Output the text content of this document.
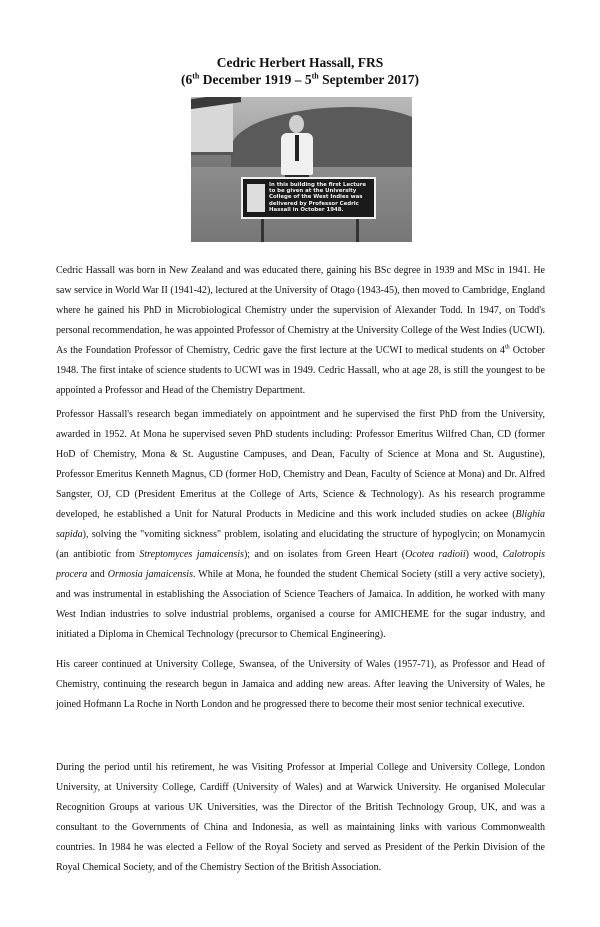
Cedric Herbert Hassall, FRS
(6th December 1919 – 5th September 2017)
In this building the first Lecture to be given at the University College of the West Indies was delivered by Professor Cedric Hassall in October 1948.

Cedric Hassall was born in New Zealand and was educated there, gaining his BSc degree in 1939 and MSc in 1941. He saw service in World War II (1941-42), lectured at the University of Otago (1943-45), then moved to Cambridge, England where he gained his PhD in Microbiological Chemistry under the supervision of Alexander Todd. In 1947, on Todd's personal recommendation, he was appointed Professor of Chemistry at the University College of the West Indies (UCWI). As the Foundation Professor of Chemistry, Cedric gave the first lecture at the UCWI to medical students on 4th October 1948. The first intake of science students to UCWI was in 1949. Cedric Hassall, who at age 28, is still the youngest to be appointed a Professor and Head of the Chemistry Department.

Professor Hassall's research began immediately on appointment and he supervised the first PhD from the University, awarded in 1952. At Mona he supervised seven PhD students including: Professor Emeritus Wilfred Chan, CD (former HoD of Chemistry, Mona & St. Augustine Campuses, and Dean, Faculty of Science at Mona and St. Augustine), Professor Emeritus Kenneth Magnus, CD (former HoD, Chemistry and Dean, Faculty of Science at Mona) and Dr. Alfred Sangster, OJ, CD (President Emeritus at the College of Arts, Science & Technology). As his research programme developed, he established a Unit for Natural Products in Medicine and this work included studies on ackee (Blighia sapida), solving the "vomiting sickness" problem, isolating and elucidating the structure of hypoglycin; on Monamycin (an antibiotic from Streptomyces jamaicensis); and on isolates from Green Heart (Ocotea radioii) wood, Calotropis procera and Ormosia jamaicensis. While at Mona, he founded the student Chemical Society (still a very active society), and was instrumental in establishing the Association of Science Teachers of Jamaica. In addition, he worked with many West Indian industries to solve industrial problems, organised a course for AMICHEME for the sugar industry, and initiated a Diploma in Chemical Technology (precursor to Chemical Engineering).

His career continued at University College, Swansea, of the University of Wales (1957-71), as Professor and Head of Chemistry, continuing the research begun in Jamaica and adding new areas. After leaving the University of Wales, he joined Hofmann La Roche in North London and he progressed there to become their most senior technical executive.

During the period until his retirement, he was Visiting Professor at Imperial College and University College, London University, at University College, Cardiff (University of Wales) and at Warwick University. He organised Molecular Recognition Groups at various UK Universities, was the Director of the British Technology Group, UK, and was a consultant to the Governments of China and Indonesia, as well as maintaining links with various Commonwealth countries. In 1984 he was elected a Fellow of the Royal Society and served as President of the Perkin Division of the Royal Chemical Society, and of the Chemistry Section of the British Association.
